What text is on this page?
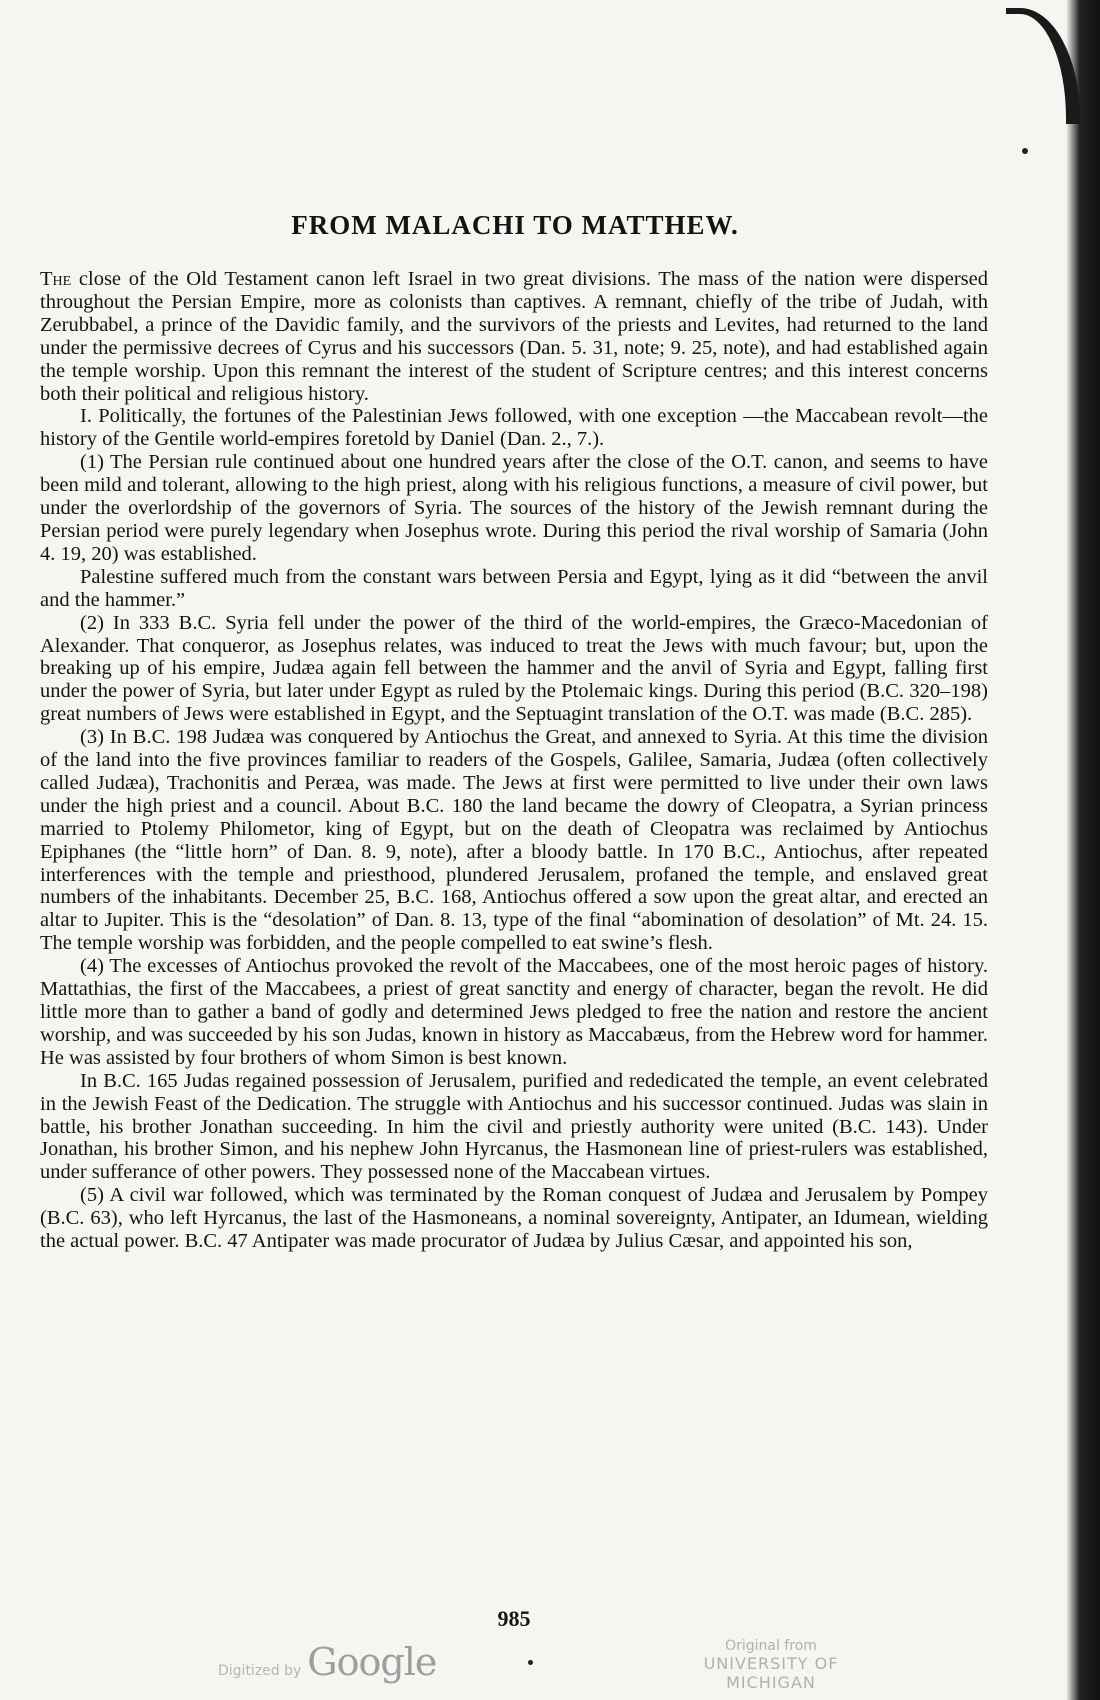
FROM MALACHI TO MATTHEW.

The close of the Old Testament canon left Israel in two great divisions. The mass of the nation were dispersed throughout the Persian Empire, more as colonists than captives. A remnant, chiefly of the tribe of Judah, with Zerubbabel, a prince of the Davidic family, and the survivors of the priests and Levites, had returned to the land under the permissive decrees of Cyrus and his successors (Dan. 5. 31, note; 9. 25, note), and had established again the temple worship. Upon this remnant the interest of the student of Scripture centres; and this interest concerns both their political and religious history.

I. Politically, the fortunes of the Palestinian Jews followed, with one exception —the Maccabean revolt—the history of the Gentile world-empires foretold by Daniel (Dan. 2., 7.).

(1) The Persian rule continued about one hundred years after the close of the O.T. canon, and seems to have been mild and tolerant, allowing to the high priest, along with his religious functions, a measure of civil power, but under the overlordship of the governors of Syria. The sources of the history of the Jewish remnant during the Persian period were purely legendary when Josephus wrote. During this period the rival worship of Samaria (John 4. 19, 20) was established.

Palestine suffered much from the constant wars between Persia and Egypt, lying as it did “between the anvil and the hammer.”

(2) In 333 B.C. Syria fell under the power of the third of the world-empires, the Græco-Macedonian of Alexander. That conqueror, as Josephus relates, was induced to treat the Jews with much favour; but, upon the breaking up of his empire, Judæa again fell between the hammer and the anvil of Syria and Egypt, falling first under the power of Syria, but later under Egypt as ruled by the Ptolemaic kings. During this period (B.C. 320–198) great numbers of Jews were established in Egypt, and the Septuagint translation of the O.T. was made (B.C. 285).

(3) In B.C. 198 Judæa was conquered by Antiochus the Great, and annexed to Syria. At this time the division of the land into the five provinces familiar to readers of the Gospels, Galilee, Samaria, Judæa (often collectively called Judæa), Trachonitis and Peræa, was made. The Jews at first were permitted to live under their own laws under the high priest and a council. About B.C. 180 the land became the dowry of Cleopatra, a Syrian princess married to Ptolemy Philometor, king of Egypt, but on the death of Cleopatra was reclaimed by Antiochus Epiphanes (the “little horn” of Dan. 8. 9, note), after a bloody battle. In 170 B.C., Antiochus, after repeated interferences with the temple and priesthood, plundered Jerusalem, profaned the temple, and enslaved great numbers of the inhabitants. December 25, B.C. 168, Antiochus offered a sow upon the great altar, and erected an altar to Jupiter. This is the “desolation” of Dan. 8. 13, type of the final “abomination of desolation” of Mt. 24. 15. The temple worship was forbidden, and the people compelled to eat swine’s flesh.

(4) The excesses of Antiochus provoked the revolt of the Maccabees, one of the most heroic pages of history. Mattathias, the first of the Maccabees, a priest of great sanctity and energy of character, began the revolt. He did little more than to gather a band of godly and determined Jews pledged to free the nation and restore the ancient worship, and was succeeded by his son Judas, known in history as Maccabæus, from the Hebrew word for hammer. He was assisted by four brothers of whom Simon is best known.

In B.C. 165 Judas regained possession of Jerusalem, purified and rededicated the temple, an event celebrated in the Jewish Feast of the Dedication. The struggle with Antiochus and his successor continued. Judas was slain in battle, his brother Jonathan succeeding. In him the civil and priestly authority were united (B.C. 143). Under Jonathan, his brother Simon, and his nephew John Hyrcanus, the Hasmonean line of priest-rulers was established, under sufferance of other powers. They possessed none of the Maccabean virtues.

(5) A civil war followed, which was terminated by the Roman conquest of Judæa and Jerusalem by Pompey (B.C. 63), who left Hyrcanus, the last of the Hasmoneans, a nominal sovereignty, Antipater, an Idumean, wielding the actual power. B.C. 47 Antipater was made procurator of Judæa by Julius Cæsar, and appointed his son,

985
Digitized by Google	Original from
UNIVERSITY OF MICHIGAN
